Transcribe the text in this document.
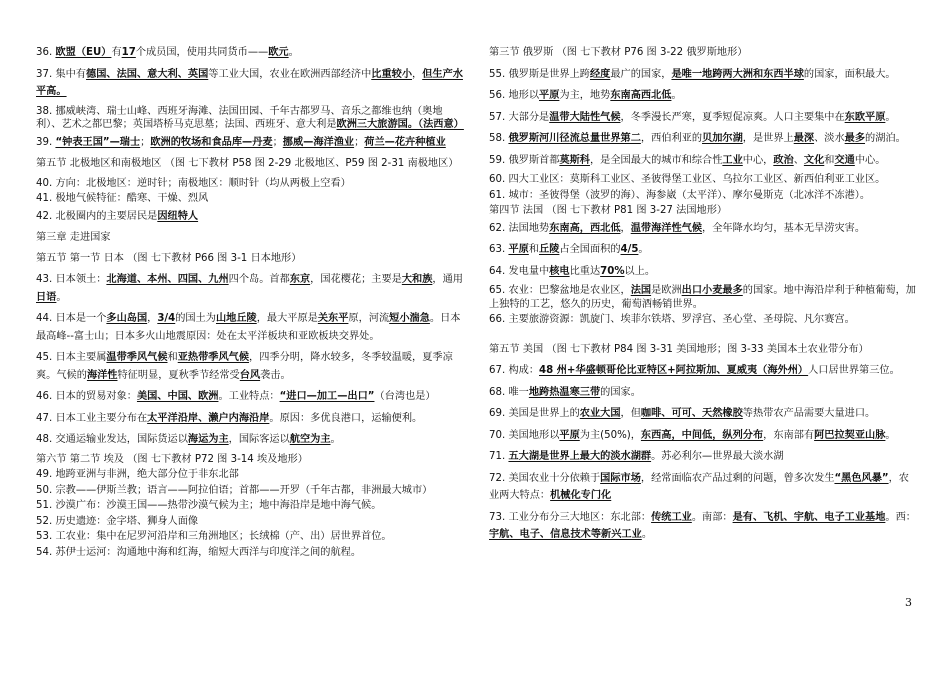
36. 欧盟（EU）有17个成员国，使用共同货币——欧元。

37. 集中有德国、法国、意大利、英国等工业大国，农业在欧洲西部经济中比重较小，但生产水平高。

38. 挪威峡湾、瑞士山峰、西班牙海滩、法国田园、千年古都罗马、音乐之都维也纳（奥地利）、艺术之都巴黎；英国塔桥马克思墓；法国、西班牙、意大利是欧洲三大旅游国。（法西意）

39. “钟表王国”—瑞士；欧洲的牧场和食品库—丹麦；挪威—海洋渔业；荷兰—花卉种植业

第五节 北极地区和南极地区 （图 七下教材 P58 图 2-29 北极地区、P59 图 2-31 南极地区）

40. 方向：北极地区：逆时针；南极地区：顺时针（均从两极上空看）

41. 极地气候特征：酷寒、干燥、烈风

42. 北极圈内的主要居民是因纽特人

第三章 走进国家

第五节 第一节 日本 （图 七下教材 P66 图 3-1 日本地形）

43. 日本领土：北海道、本州、四国、九州四个岛。首都东京，国花樱花；主要是大和族，通用日语。

44. 日本是一个多山岛国，3/4的国土为山地丘陵，最大平原是关东平原，河流短小湍急。日本最高峰--富士山；日本多火山地震原因：处在太平洋板块和亚欧板块交界处。

45. 日本主要属温带季风气候和亚热带季风气候，四季分明，降水较多，冬季较温暖，夏季凉爽。气候的海洋性特征明显，夏秋季节经常受台风袭击。

46. 日本的贸易对象：美国、中国、欧洲。工业特点：“进口—加工—出口”（台湾也是）

47. 日本工业主要分布在太平洋沿岸、濑户内海沿岸。原因：多优良港口，运输便利。

48. 交通运输业发达，国际货运以海运为主，国际客运以航空为主。

第六节 第二节 埃及 （图 七下教材 P72 图 3-14 埃及地形）

49. 地跨亚洲与非洲，绝大部分位于非东北部

50. 宗教——伊斯兰教；语言——阿拉伯语；首都——开罗（千年古都，非洲最大城市）

51. 沙漠广布：沙漠王国——热带沙漠气候为主；地中海沿岸是地中海气候。

52. 历史遗迹：金字塔、狮身人面像

53. 工农业：集中在尼罗河沿岸和三角洲地区；长绒棉（产、出）居世界首位。

54. 苏伊士运河：沟通地中海和红海，缩短大西洋与印度洋之间的航程。

第三节 俄罗斯 （图 七下教材 P76 图 3-22 俄罗斯地形）

55. 俄罗斯是世界上跨经度最广的国家，是唯一地跨两大洲和东西半球的国家，面积最大。

56. 地形以平原为主，地势东南高西北低。

57. 大部分是温带大陆性气候，冬季漫长严寒，夏季短促凉爽。人口主要集中在东欧平原。

58. 俄罗斯河川径流总量世界第二，西伯利亚的贝加尔湖，是世界上最深、淡水最多的湖泊。

59. 俄罗斯首都莫斯科，是全国最大的城市和综合性工业中心，政治、文化和交通中心。

60. 四大工业区：莫斯科工业区、圣彼得堡工业区、乌拉尔工业区、新西伯利亚工业区。

61. 城市：圣彼得堡（波罗的海）、海参崴（太平洋）、摩尔曼斯克（北冰洋不冻港）。

第四节 法国 （图 七下教材 P81 图 3-27 法国地形）

62. 法国地势东南高，西北低，温带海洋性气候，全年降水均匀，基本无旱涝灾害。

63. 平原和丘陵占全国面积的4/5。

64. 发电量中核电比重达70%以上。

65. 农业：巴黎盆地是农业区，法国是欧洲出口小麦最多的国家。地中海沿岸利于种植葡萄，加上独特的工艺，悠久的历史，葡萄酒畅销世界。

66. 主要旅游资源：凯旋门、埃菲尔铁塔、罗浮宫、圣心堂、圣母院、凡尔赛宫。

第五节 美国 （图 七下教材 P84 图 3-31 美国地形；图 3-33 美国本土农业带分布）

67. 构成：48 州+华盛顿哥伦比亚特区+阿拉斯加、夏威夷（海外州）人口居世界第三位。

68. 唯一地跨热温寒三带的国家。

69. 美国是世界上的农业大国，但咖啡、可可、天然橡胶等热带农产品需要大量进口。

70. 美国地形以平原为主(50%)，东西高，中间低，纵列分布，东南部有阿巴拉契亚山脉。

71. 五大湖是世界上最大的淡水湖群。苏必利尔—世界最大淡水湖

72. 美国农业十分依赖于国际市场，经常面临农产品过剩的问题，曾多次发生“黑色风暴”，农业两大特点：机械化专门化

73. 工业分布分三大地区：东北部：传统工业。南部：是有、飞机、宇航、电子工业基地。西：宇航、电子、信息技术等新兴工业。

3
